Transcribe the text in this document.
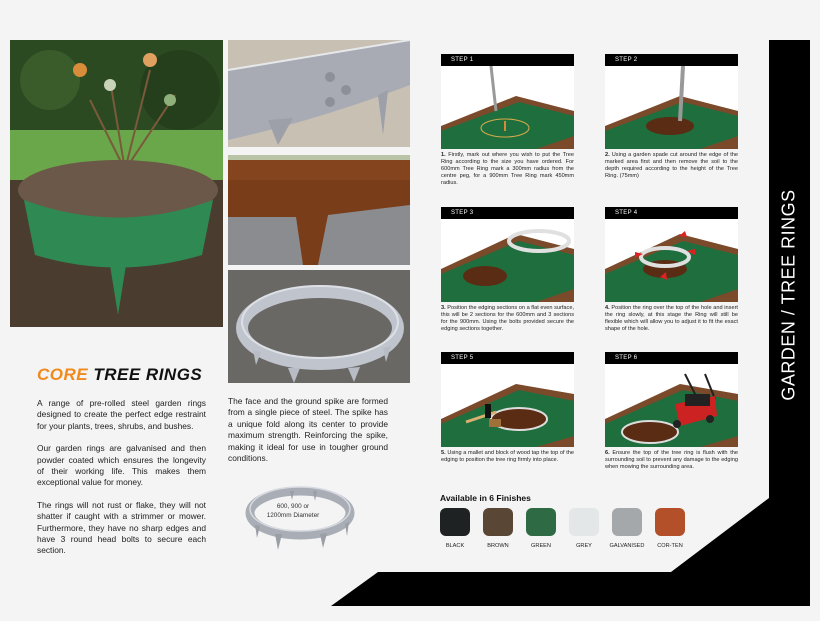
GARDEN / TREE RINGS
CORE TREE RINGS

A range of pre-rolled steel garden rings designed to create the perfect edge restraint for your plants, trees, shrubs, and bushes.

Our garden rings are galvanised and then powder coated which ensures the longevity of their working life. This makes them exceptional value for money.

The rings will not rust or flake, they will not shatter if caught with a strimmer or mower. Furthermore, they have no sharp edges and have 3 round head bolts to secure each section.

The face and the ground spike are formed from a single piece of steel. The spike has a unique fold along its center to provide maximum strength. Reinforcing the spike, making it ideal for use in tougher ground conditions.
600, 900 or
1200mm Diameter
STEP 1
1. Firstly, mark out where you wish to put the Tree Ring according to the size you have ordered. For 600mm Tree Ring mark a 300mm radius from the centre peg, for a 900mm Tree Ring mark 450mm radius.
STEP 2
2. Using a garden spade cut around the edge of the marked area first and then remove the soil to the depth required according to the height of the Tree Ring. (75mm)
STEP 3
3. Position the edging sections on a flat even surface, this will be 2 sections for the 600mm and 3 sections for the 900mm. Using the bolts provided secure the edging sections together.
STEP 4
4. Position the ring over the top of the hole and insert the ring slowly, at this stage the Ring will still be flexible which will allow you to adjust it to fit the exact shape of the hole.
STEP 5
5. Using a mallet and block of wood tap the top of the edging to position the tree ring firmly into place.
STEP 6
6. Ensure the top of the tree ring is flush with the surrounding soil to prevent any damage to the edging when mowing the surrounding area.
Available in 6 Finishes
BLACK	BROWN	GREEN	GREY	GALVANISED	COR-TEN
